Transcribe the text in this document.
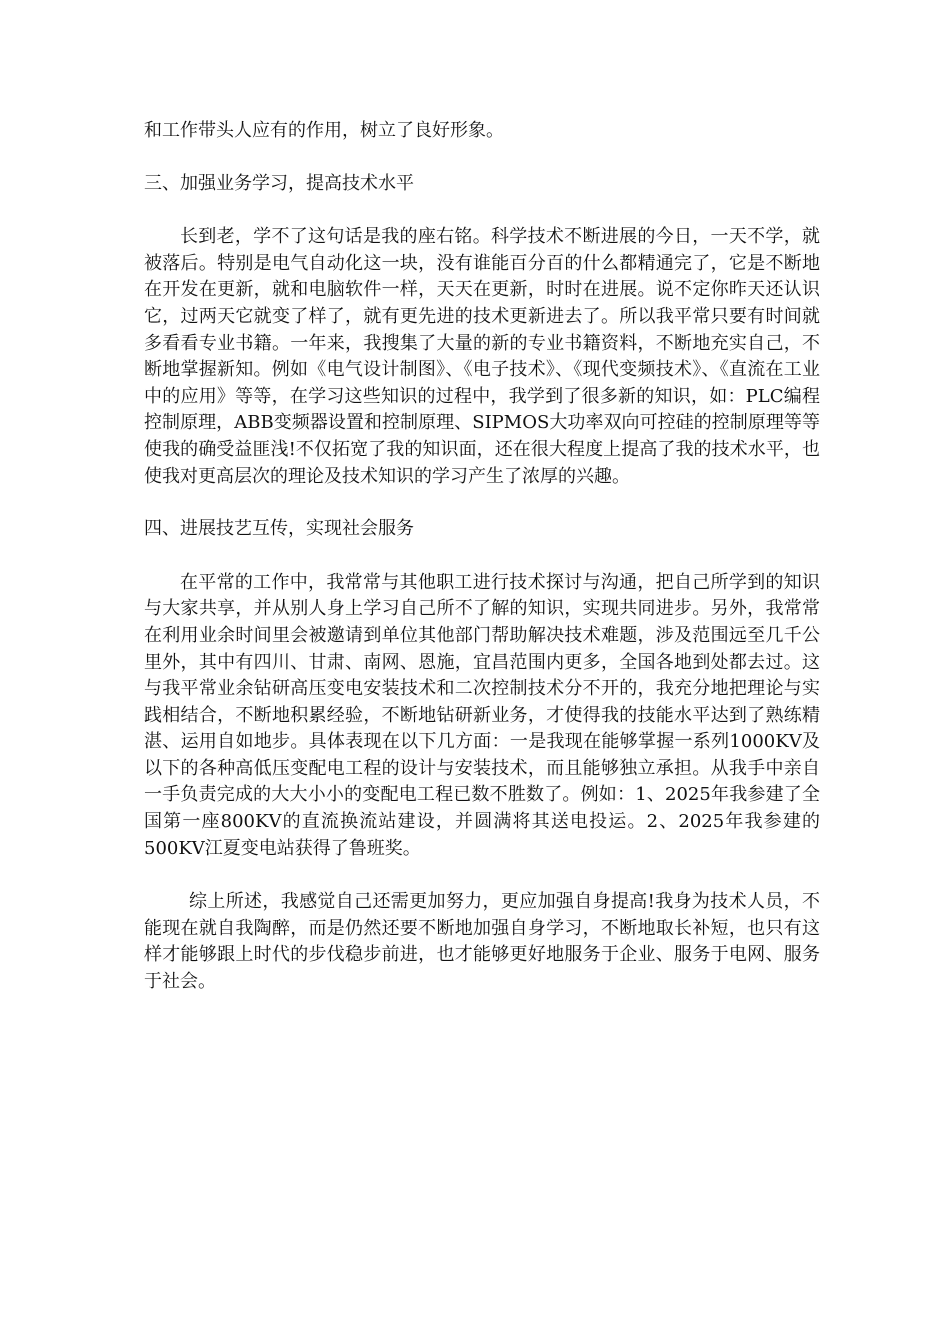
和工作带头人应有的作用，树立了良好形象。

三、加强业务学习，提高技术水平

长到老，学不了这句话是我的座右铭。科学技术不断进展的今日，一天不学，就被落后。特别是电气自动化这一块，没有谁能百分百的什么都精通完了，它是不断地在开发在更新，就和电脑软件一样，天天在更新，时时在进展。说不定你昨天还认识它，过两天它就变了样了，就有更先进的技术更新进去了。所以我平常只要有时间就多看看专业书籍。一年来，我搜集了大量的新的专业书籍资料，不断地充实自己，不断地掌握新知。例如《电气设计制图》、《电子技术》、《现代变频技术》、《直流在工业中的应用》等等，在学习这些知识的过程中，我学到了很多新的知识，如：PLC编程控制原理，ABB变频器设置和控制原理、SIPMOS大功率双向可控硅的控制原理等等使我的确受益匪浅!不仅拓宽了我的知识面，还在很大程度上提高了我的技术水平，也使我对更高层次的理论及技术知识的学习产生了浓厚的兴趣。

四、进展技艺互传，实现社会服务

在平常的工作中，我常常与其他职工进行技术探讨与沟通，把自己所学到的知识与大家共享，并从别人身上学习自己所不了解的知识，实现共同进步。另外，我常常在利用业余时间里会被邀请到单位其他部门帮助解决技术难题，涉及范围远至几千公里外，其中有四川、甘肃、南网、恩施，宜昌范围内更多，全国各地到处都去过。这与我平常业余钻研高压变电安装技术和二次控制技术分不开的，我充分地把理论与实践相结合，不断地积累经验，不断地钻研新业务，才使得我的技能水平达到了熟练精湛、运用自如地步。具体表现在以下几方面：一是我现在能够掌握一系列1000KV及以下的各种高低压变配电工程的设计与安装技术，而且能够独立承担。从我手中亲自一手负责完成的大大小小的变配电工程已数不胜数了。例如：1、2025年我参建了全国第一座800KV的直流换流站建设，并圆满将其送电投运。2、2025年我参建的500KV江夏变电站获得了鲁班奖。

综上所述，我感觉自己还需更加努力，更应加强自身提高!我身为技术人员，不能现在就自我陶醉，而是仍然还要不断地加强自身学习，不断地取长补短，也只有这样才能够跟上时代的步伐稳步前进，也才能够更好地服务于企业、服务于电网、服务于社会。
